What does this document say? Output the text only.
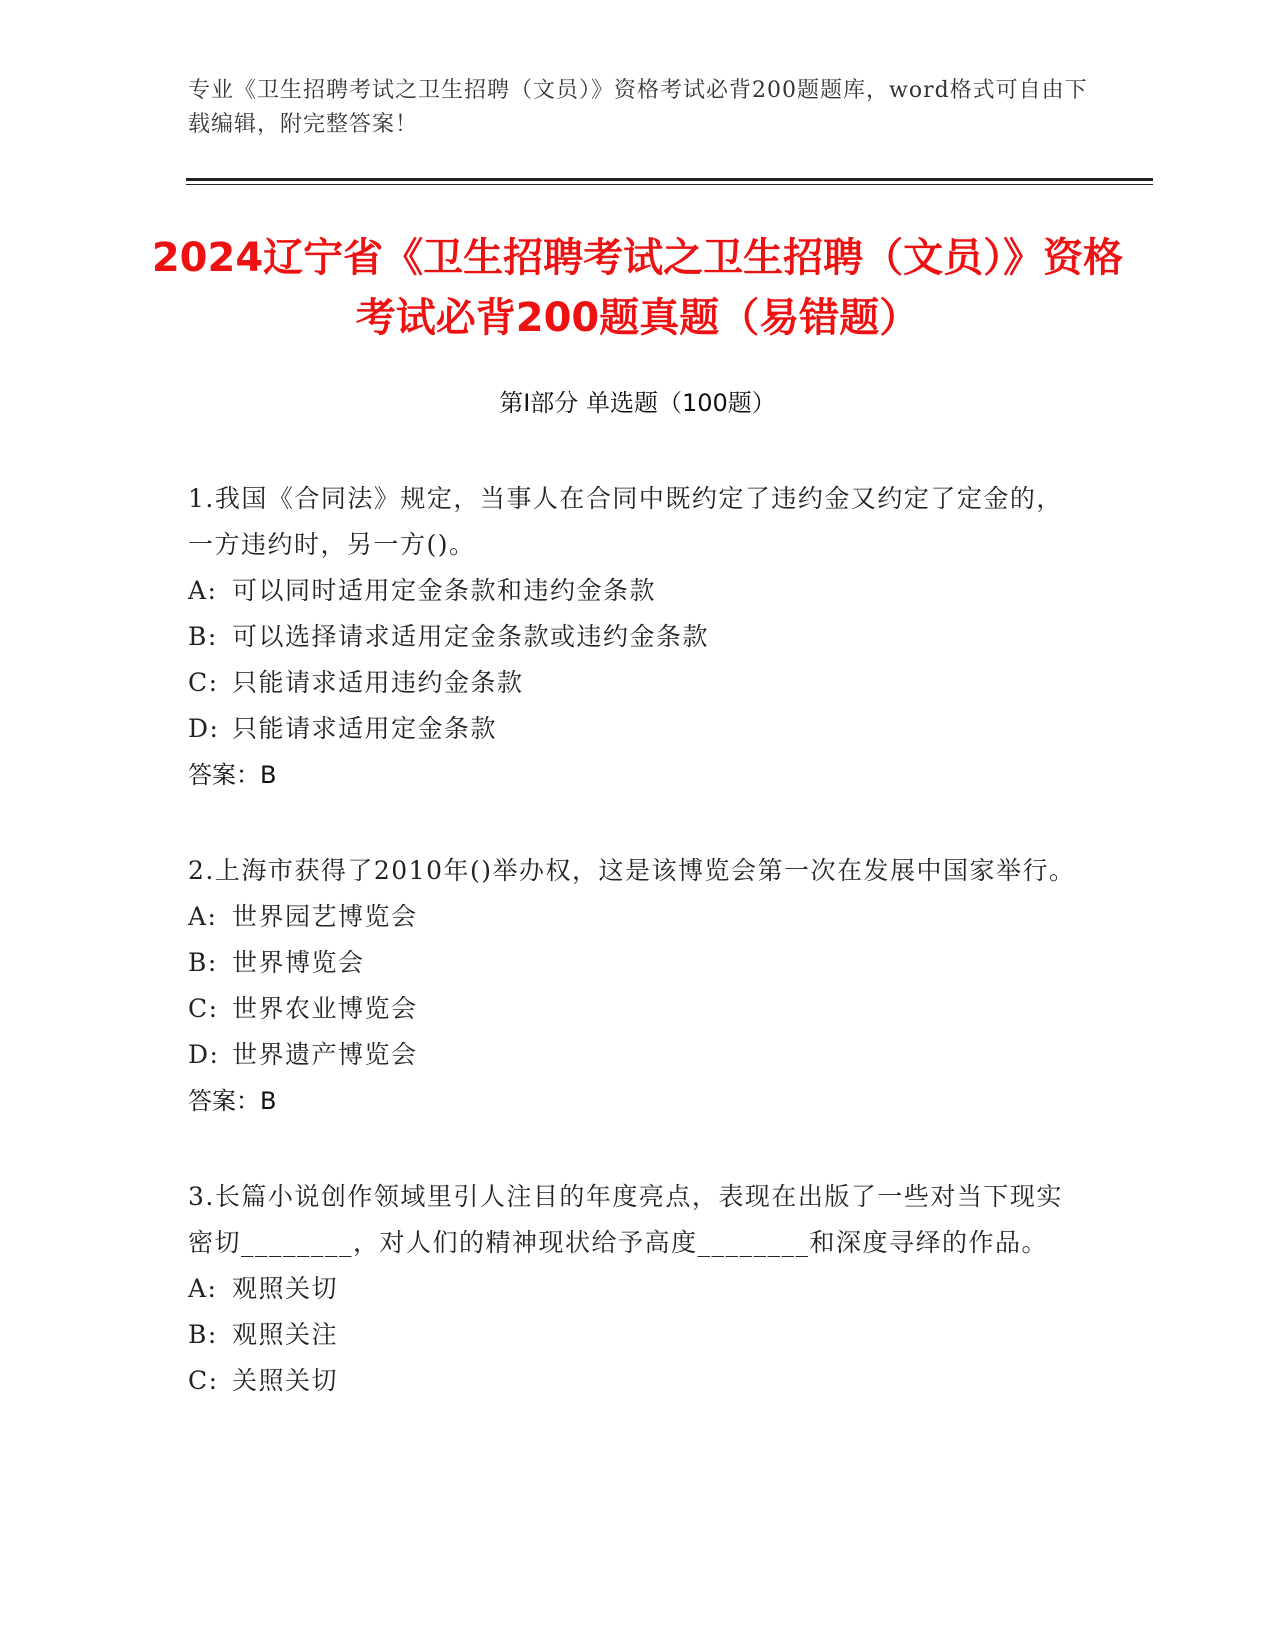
专业《卫生招聘考试之卫生招聘（文员）》资格考试必背200题题库，word格式可自由下载编辑，附完整答案！
2024辽宁省《卫生招聘考试之卫生招聘（文员）》资格考试必背200题真题（易错题）
第Ⅰ部分 单选题（100题）
1.我国《合同法》规定，当事人在合同中既约定了违约金又约定了定金的，一方违约时，另一方()。
A: 可以同时适用定金条款和违约金条款
B: 可以选择请求适用定金条款或违约金条款
C: 只能请求适用违约金条款
D: 只能请求适用定金条款
答案：B
2.上海市获得了2010年()举办权，这是该博览会第一次在发展中国家举行。
A: 世界园艺博览会
B: 世界博览会
C: 世界农业博览会
D: 世界遗产博览会
答案：B
3.长篇小说创作领域里引人注目的年度亮点，表现在出版了一些对当下现实密切________，对人们的精神现状给予高度________和深度寻绎的作品。
A: 观照关切
B: 观照关注
C: 关照关切
